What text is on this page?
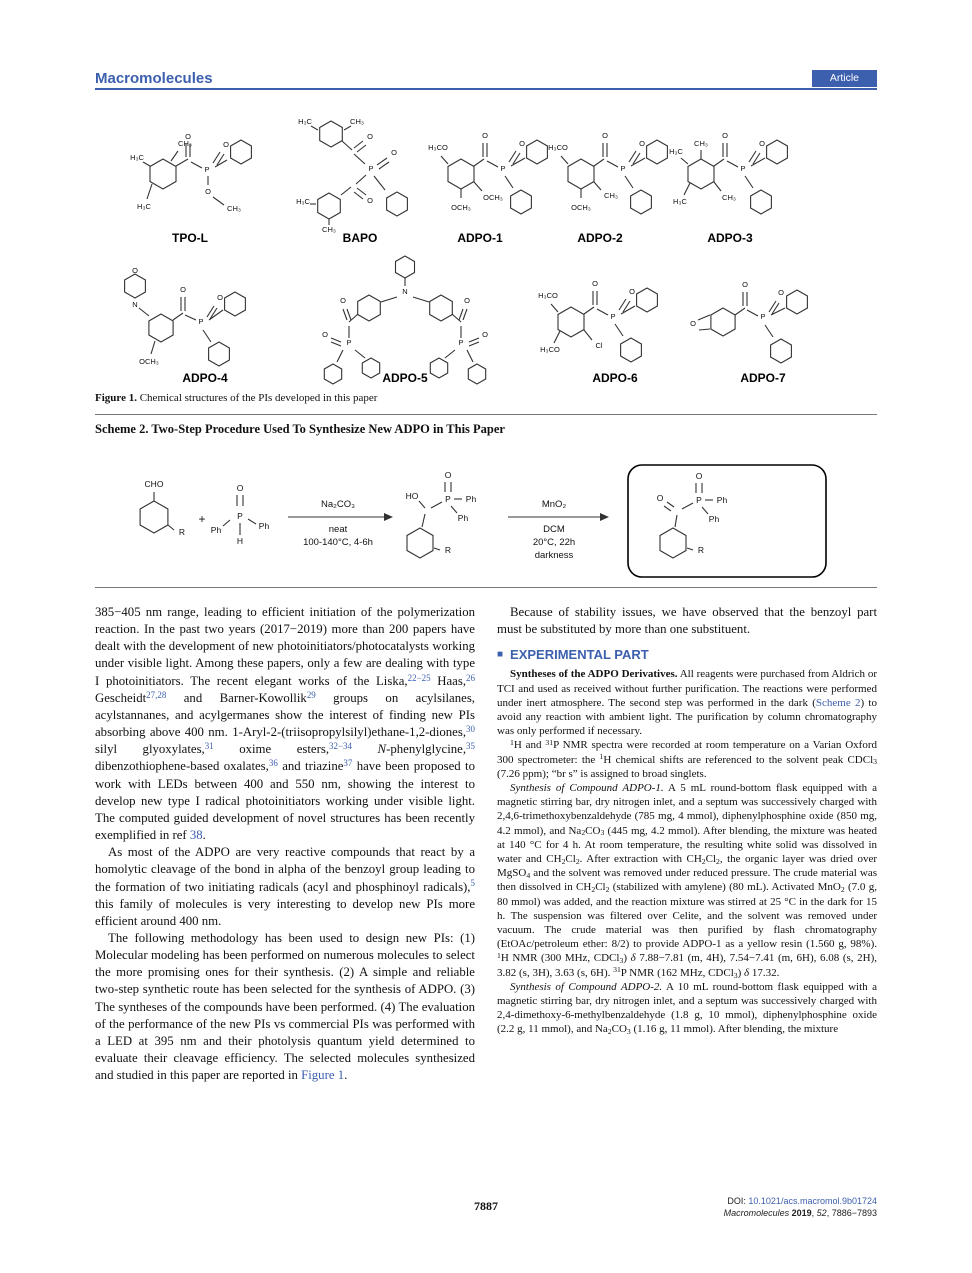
Macromolecules	Article
CH₃
H₃C
H₃C
O
P
O
O
CH₃
H₃C	CH₃
O
P
O
O
H₃C
CH₃
H₃CO
OCH₃
OCH₃
O
P
O	H₃CO
OCH₃
CH₃
O
P
O	CH₃
H₃C
H₃C	CH₃
O
P
O
O
N
OCH₃
O
P
O
N
O
P
O
O
P
O
H₃CO
H₃CO	Cl
O
P
O
O
O
P
O
TPO-L	BAPO	ADPO-1	ADPO-2	ADPO-3
ADPO-4	ADPO-5	ADPO-6	ADPO-7

Figure 1. Chemical structures of the PIs developed in this paper

Scheme 2. Two-Step Procedure Used To Synthesize New ADPO in This Paper

CHO
R
+
O
P
Ph	Ph
H
Na₂CO₃
neat
100-140°C, 4-6h
HO
R
P
O
Ph
Ph
MnO₂
DCM
20°C, 22h
darkness
O
R
P
O
Ph
Ph

385−405 nm range, leading to efficient initiation of the polymerization reaction. In the past two years (2017−2019) more than 200 papers have dealt with the development of new photoinitiators/photocatalysts working under visible light. Among these papers, only a few are dealing with type I photoinitiators. The recent elegant works of the Liska,$^{22-25}$ Haas,$^{26}$ Gescheidt$^{27,28}$ and Barner-Kowollik$^{29}$ groups on acylsilanes, acylstannanes, and acylgermanes show the interest of finding new PIs absorbing above 400 nm. 1-Aryl-2-(triisopropylsilyl)ethane-1,2-diones,$^{30}$ silyl glyoxylates,$^{31}$ oxime esters,$^{32-34}$ N-phenylglycine,$^{35}$ dibenzothiophene-based oxalates,$^{36}$ and triazine$^{37}$ have been proposed to work with LEDs between 400 and 550 nm, showing the interest to develop new type I radical photoinitiators working under visible light. The computed guided development of novel structures has been recently exemplified in ref 38.

As most of the ADPO are very reactive compounds that react by a homolytic cleavage of the bond in alpha of the benzoyl group leading to the formation of two initiating radicals (acyl and phosphinoyl radicals),$^5$ this family of molecules is very interesting to develop new PIs more efficient around 400 nm.

The following methodology has been used to design new PIs: (1) Molecular modeling has been performed on numerous molecules to select the more promising ones for their synthesis. (2) A simple and reliable two-step synthetic route has been selected for the synthesis of ADPO. (3) The syntheses of the compounds have been performed. (4) The evaluation of the performance of the new PIs vs commercial PIs was performed with a LED at 395 nm and their photolysis quantum yield determined to evaluate their cleavage efficiency. The selected molecules synthesized and studied in this paper are reported in Figure 1.

Because of stability issues, we have observed that the benzoyl part must be substituted by more than one substituent.

■ EXPERIMENTAL PART

Syntheses of the ADPO Derivatives. All reagents were purchased from Aldrich or TCI and used as received without further purification. The reactions were performed under inert atmosphere. The second step was performed in the dark (Scheme 2) to avoid any reaction with ambient light. The purification by column chromatography was only performed if necessary.

$^1$H and $^{31}$P NMR spectra were recorded at room temperature on a Varian Oxford 300 spectrometer: the $^1$H chemical shifts are referenced to the solvent peak CDCl3 (7.26 ppm); “br s” is assigned to broad singlets.

Synthesis of Compound ADPO-1. A 5 mL round-bottom flask equipped with a magnetic stirring bar, dry nitrogen inlet, and a septum was successively charged with 2,4,6-trimethoxybenzaldehyde (785 mg, 4 mmol), diphenylphosphine oxide (850 mg, 4.2 mmol), and Na2CO3 (445 mg, 4.2 mmol). After blending, the mixture was heated at 140 °C for 4 h. At room temperature, the resulting white solid was dissolved in water and CH2Cl2. After extraction with CH2Cl2, the organic layer was dried over MgSO4 and the solvent was removed under reduced pressure. The crude material was then dissolved in CH2Cl2 (stabilized with amylene) (80 mL). Activated MnO2 (7.0 g, 80 mmol) was added, and the reaction mixture was stirred at 25 °C in the dark for 15 h. The suspension was filtered over Celite, and the solvent was removed under vacuum. The crude material was then purified by flash chromatography (EtOAc/petroleum ether: 8/2) to provide ADPO-1 as a yellow resin (1.560 g, 98%). $^1$H NMR (300 MHz, CDCl3) δ 7.88−7.81 (m, 4H), 7.54−7.41 (m, 6H), 6.08 (s, 2H), 3.82 (s, 3H), 3.63 (s, 6H). $^{31}$P NMR (162 MHz, CDCl3) δ 17.32.

Synthesis of Compound ADPO-2. A 10 mL round-bottom flask equipped with a magnetic stirring bar, dry nitrogen inlet, and a septum was successively charged with 2,4-dimethoxy-6-methylbenzaldehyde (1.8 g, 10 mmol), diphenylphosphine oxide (2.2 g, 11 mmol), and Na2CO3 (1.16 g, 11 mmol). After blending, the mixture

7887	DOI: 10.1021/acs.macromol.9b01724
Macromolecules 2019, 52, 7886−7893
